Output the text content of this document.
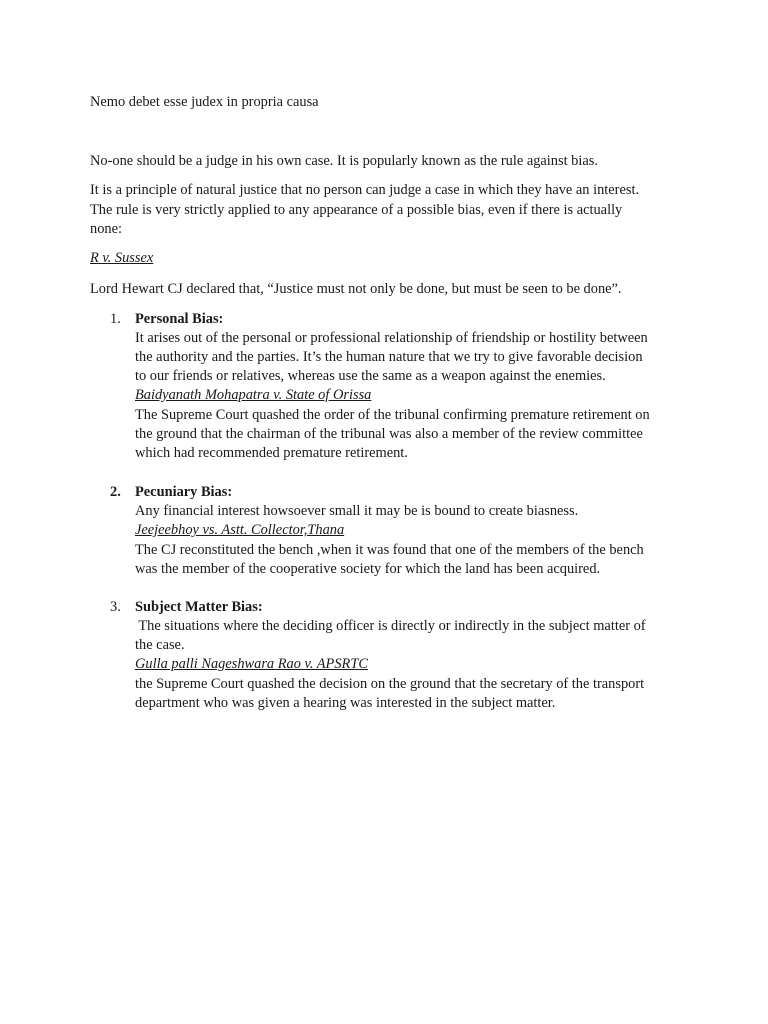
Nemo debet esse judex in propria causa
No-one should be a judge in his own case. It is popularly known as the rule against bias.
It is a principle of natural justice that no person can judge a case in which they have an interest.
The rule is very strictly applied to any appearance of a possible bias, even if there is actually
none:
R v. Sussex
Lord Hewart CJ declared that, “Justice must not only be done, but must be seen to be done”.
1. Personal Bias:
It arises out of the personal or professional relationship of friendship or hostility between
the authority and the parties. It’s the human nature that we try to give favorable decision
to our friends or relatives, whereas use the same as a weapon against the enemies.
Baidyanath Mohapatra v. State of Orissa
The Supreme Court quashed the order of the tribunal confirming premature retirement on
the ground that the chairman of the tribunal was also a member of the review committee
which had recommended premature retirement.
2. Pecuniary Bias:
Any financial interest howsoever small it may be is bound to create biasness.
Jeejeebhoy vs. Astt. Collector,Thana
The CJ reconstituted the bench ,when it was found that one of the members of the bench
was the member of the cooperative society for which the land has been acquired.
3. Subject Matter Bias:
The situations where the deciding officer is directly or indirectly in the subject matter of
the case.
Gulla palli Nageshwara Rao v. APSRTC
the Supreme Court quashed the decision on the ground that the secretary of the transport
department who was given a hearing was interested in the subject matter.
